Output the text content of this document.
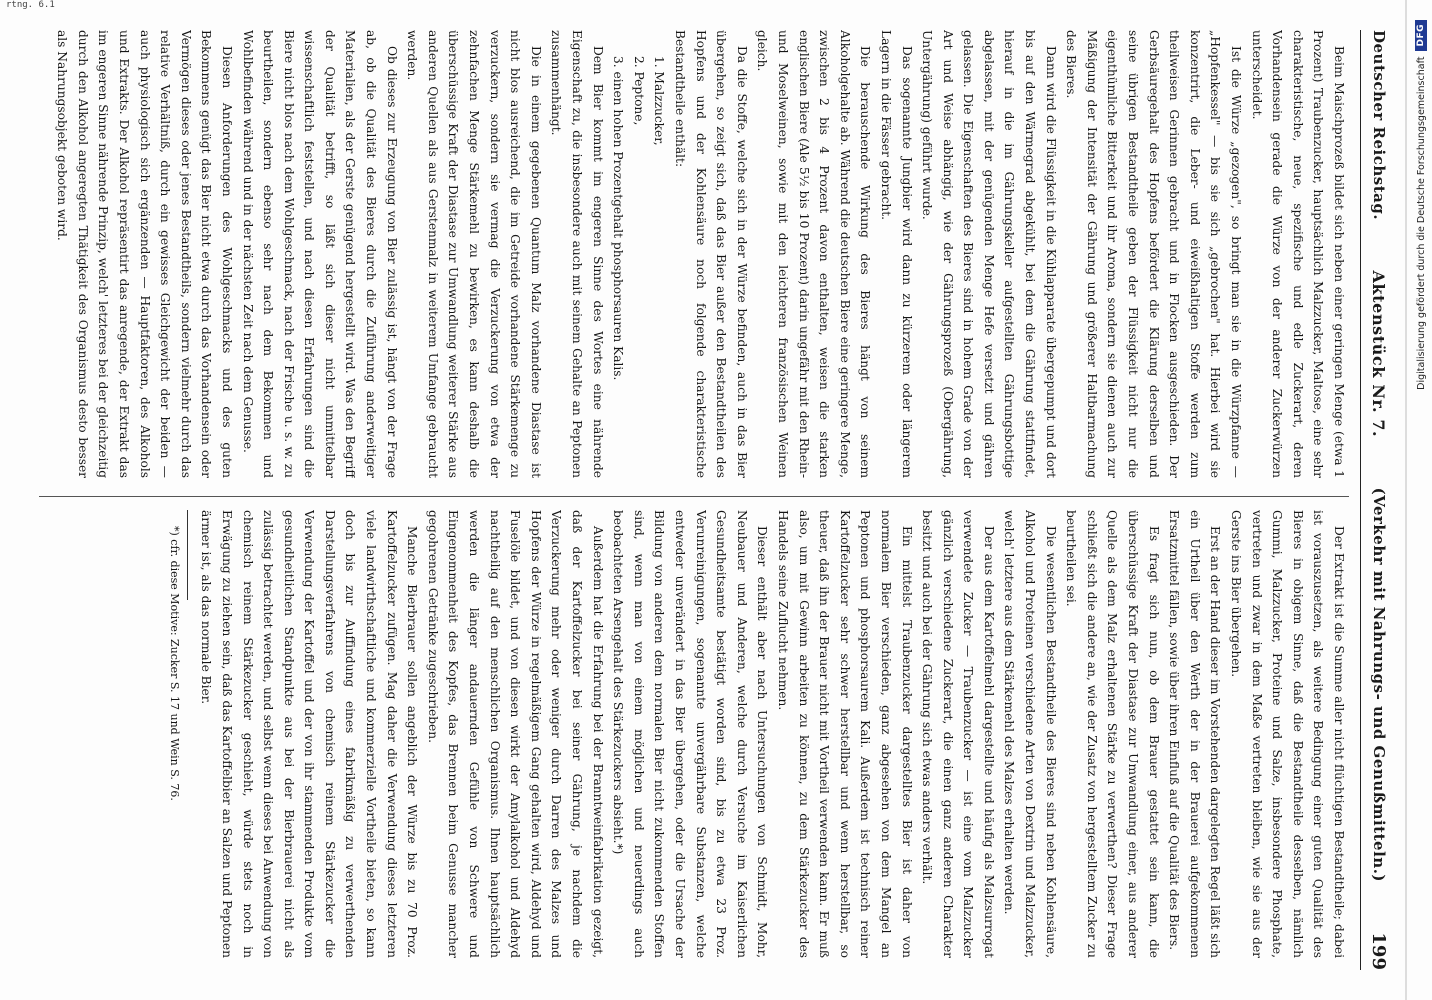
rtng. 6.1
Deutscher Reichstag.
Aktenstück Nr. 7.
(Verkehr mit Nahrungs- und Genußmitteln.)
199

Beim Maischprozeß bildet sich neben einer geringen Menge (etwa 1 Prozent) Traubenzucker, hauptsächlich Malzzucker, Maltose, eine sehr charakteristische, neue, spezifische und edle Zuckerart, deren Vorhandensein gerade die Würze von der anderer Zuckerwürzen unterscheidet.

Ist die Würze „gezogen", so bringt man sie in die Würzpfanne — „Hopfenkessel" — bis sie sich „gebrochen" hat. Hierbei wird sie konzentrirt, die Leber- und eiweißhaltigen Stoffe werden zum theilweisen Gerinnen gebracht und in Flocken ausgeschieden. Der Gerbsäuregehalt des Hopfens befördert die Klärung derselben und seine übrigen Bestandtheile geben der Flüssigkeit nicht nur die eigenthümliche Bitterkeit und ihr Aroma, sondern sie dienen auch zur Mäßigung der Intensität der Gährung und größerer Haltbarmachung des Bieres.

Dann wird die Flüssigkeit in die Kühlapparate übergepumpt und dort bis auf den Wärmegrad abgekühlt, bei dem die Gährung stattfindet, hierauf in die im Gährungskeller aufgestellten Gährungsbottige abgelassen, mit der genügenden Menge Hefe versetzt und gähren gelassen. Die Eigenschaften des Bieres sind in hohem Grade von der Art und Weise abhängig, wie der Gährungsprozeß (Obergährung, Untergährung) geführt wurde.

Das sogenannte Jungbier wird dann zu kürzerem oder längerem Lagern in die Fässer gebracht.

Die berauschende Wirkung des Bieres hängt von seinem Alkoholgehalte ab. Während die deutschen Biere eine geringere Menge, zwischen 2 bis 4 Prozent davon enthalten, weisen die starken englischen Biere (Ale 5½ bis 10 Prozent) darin ungefähr mit den Rhein- und Moselweinen, sowie mit den leichteren französischen Weinen gleich.

Da die Stoffe, welche sich in der Würze befinden, auch in das Bier übergehen, so zeigt sich, daß das Bier außer den Bestandtheilen des Hopfens und der Kohlensäure noch folgende charakteristische Bestandtheile enthält:

1. Malzzucker,
2. Peptone,
3. einen hohen Prozentgehalt phosphorsauren Kalis.

Dem Bier kommt im engeren Sinne des Wortes eine nährende Eigenschaft zu, die insbesondere auch mit seinem Gehalte an Peptonen zusammenhängt.

Die in einem gegebenen Quantum Malz vorhandene Diastase ist nicht blos ausreichend, die im Getreide vorhandene Stärkemenge zu verzuckern, sondern sie vermag die Verzuckerung von etwa der zehnfachen Menge Stärkemehl zu bewirken, es kann deshalb die überschüssige Kraft der Diastase zur Umwandlung weiterer Stärke aus anderen Quellen als aus Gerstenmalz in weiterem Umfange gebraucht werden.

Ob dieses zur Erzeugung von Bier zulässig ist, hängt von der Frage ab, ob die Qualität des Bieres durch die Zuführung anderweitiger Materialien, als der Gerste genügend hergestellt wird. Was den Begriff der Qualität betrifft, so läßt sich dieser nicht unmittelbar wissenschaftlich feststellen, und nach diesen Erfahrungen sind die Biere nicht blos nach dem Wohlgeschmack, nach der Frische u. s. w. zu beurtheilen, sondern ebenso sehr nach dem Bekommen und Wohlbefinden während und in der nächsten Zeit nach dem Genusse.

Diesen Anforderungen des Wohlgeschmacks und des guten Bekommens genügt das Bier nicht etwa durch das Vorhandensein oder Vermögen dieses oder jenes Bestandtheils, sondern vielmehr durch das relative Verhältniß, durch ein gewisses Gleichgewicht der beiden — auch physiologisch sich ergänzenden — Hauptfaktoren, des Alkohols und Extrakts. Der Alkohol repräsentirt das anregende, der Extrakt das im engeren Sinne nährende Prinzip, welch' letzteres bei der gleichzeitig durch den Alkohol angeregten Thätigkeit des Organismus desto besser als Nahrungsobjekt geboten wird.

Der Extrakt ist die Summe aller nicht flüchtigen Bestandtheile; dabei ist vorauszusetzen, als weitere Bedingung einer guten Qualität des Bieres in obigem Sinne, daß die Bestandtheile desselben, nämlich Gummi, Malzzucker, Proteine und Salze, insbesondere Phosphate, vertreten und zwar in dem Maße vertreten bleiben, wie sie aus der Gerste ins Bier übergehen.

Erst an der Hand dieser im Vorstehenden dargelegten Regel läßt sich ein Urtheil über den Werth der in der Brauerei aufgekommenen Ersatzmittel fällen, sowie über ihren Einfluß auf die Qualität des Biers.

Es fragt sich nun, ob dem Brauer gestattet sein kann, die überschüssige Kraft der Diastase zur Umwandlung einer, aus anderer Quelle als dem Malz erhaltenen Stärke zu verwerthen? Dieser Frage schließt sich die andere an, wie der Zusatz von hergestelltem Zucker zu beurtheilen sei.

Die wesentlichen Bestandtheile des Bieres sind neben Kohlensäure, Alkohol und Proteinen verschiedene Arten von Dextrin und Malzzucker, welch' letztere aus dem Stärkemehl des Malzes erhalten werden.

Der aus dem Kartoffelmehl dargestellte und häufig als Malzsurrogat verwendete Zucker — Traubenzucker — ist eine vom Malzzucker gänzlich verschiedene Zuckerart, die einen ganz anderen Charakter besitzt und auch bei der Gährung sich etwas anders verhält.

Ein mittelst Traubenzucker dargestelltes Bier ist daher von normalem Bier verschieden, ganz abgesehen von dem Mangel an Peptonen und phosphorsaurem Kali. Außerdem ist technisch reiner Kartoffelzucker sehr schwer herstellbar und wenn herstellbar, so theuer, daß ihn der Brauer nicht mit Vortheil verwenden kann. Er muß also, um mit Gewinn arbeiten zu können, zu dem Stärkezucker des Handels seine Zuflucht nehmen.

Dieser enthält aber nach Untersuchungen von Schmidt, Mohr, Neubauer und Anderen, welche durch Versuche im Kaiserlichen Gesundheitsamte bestätigt worden sind, bis zu etwa 23 Proz. Verunreinigungen, sogenannte unvergährbare Substanzen, welche entweder unverändert in das Bier übergehen, oder die Ursache der Bildung von anderen dem normalen Bier nicht zukommenden Stoffen sind, wenn man von einem möglichen und neuerdings auch beobachteten Arsengehalt des Stärkezuckers absieht.*)

Außerdem hat die Erfahrung bei der Branntweinfabrikation gezeigt, daß der Kartoffelzucker bei seiner Gährung, je nachdem die Verzuckerung mehr oder weniger durch Darren des Malzes und Hopfens der Würze in regelmäßigem Gang gehalten wird, Aldehyd und Fuselöle bildet, und von diesen wirkt der Amylalkohol und Aldehyd nachtheilig auf den menschlichen Organismus. Ihnen hauptsächlich werden die länger andauernden Gefühle von Schwere und Eingenommenheit des Kopfes, das Brennen beim Genusse mancher gegohrenen Getränke zugeschrieben.

Manche Bierbrauer sollen angeblich der Würze bis zu 70 Proz. Kartoffelzucker zufügen. Mag daher die Verwendung dieses letzteren viele landwirthschaftliche und kommerzielle Vortheile bieten, so kann doch bis zur Auffindung eines fabrikmäßig zu verwerthenden Darstellungsverfahrens von chemisch reinem Stärkezucker die Verwendung der Kartoffel und der von ihr stammenden Produkte vom gesundheitlichen Standpunkte aus bei der Bierbrauerei nicht als zulässig betrachtet werden, und selbst wenn dieses bei Anwendung von chemisch reinem Stärkezucker geschieht, würde stets noch in Erwägung zu ziehen sein, daß das Kartoffelbier an Salzen und Peptonen ärmer ist, als das normale Bier.

*) cfr. diese Motive: Zucker S. 17 und Wein S. 76.

Digitalisierung gefördert durch die Deutsche Forschungsgemeinschaft
DFG
